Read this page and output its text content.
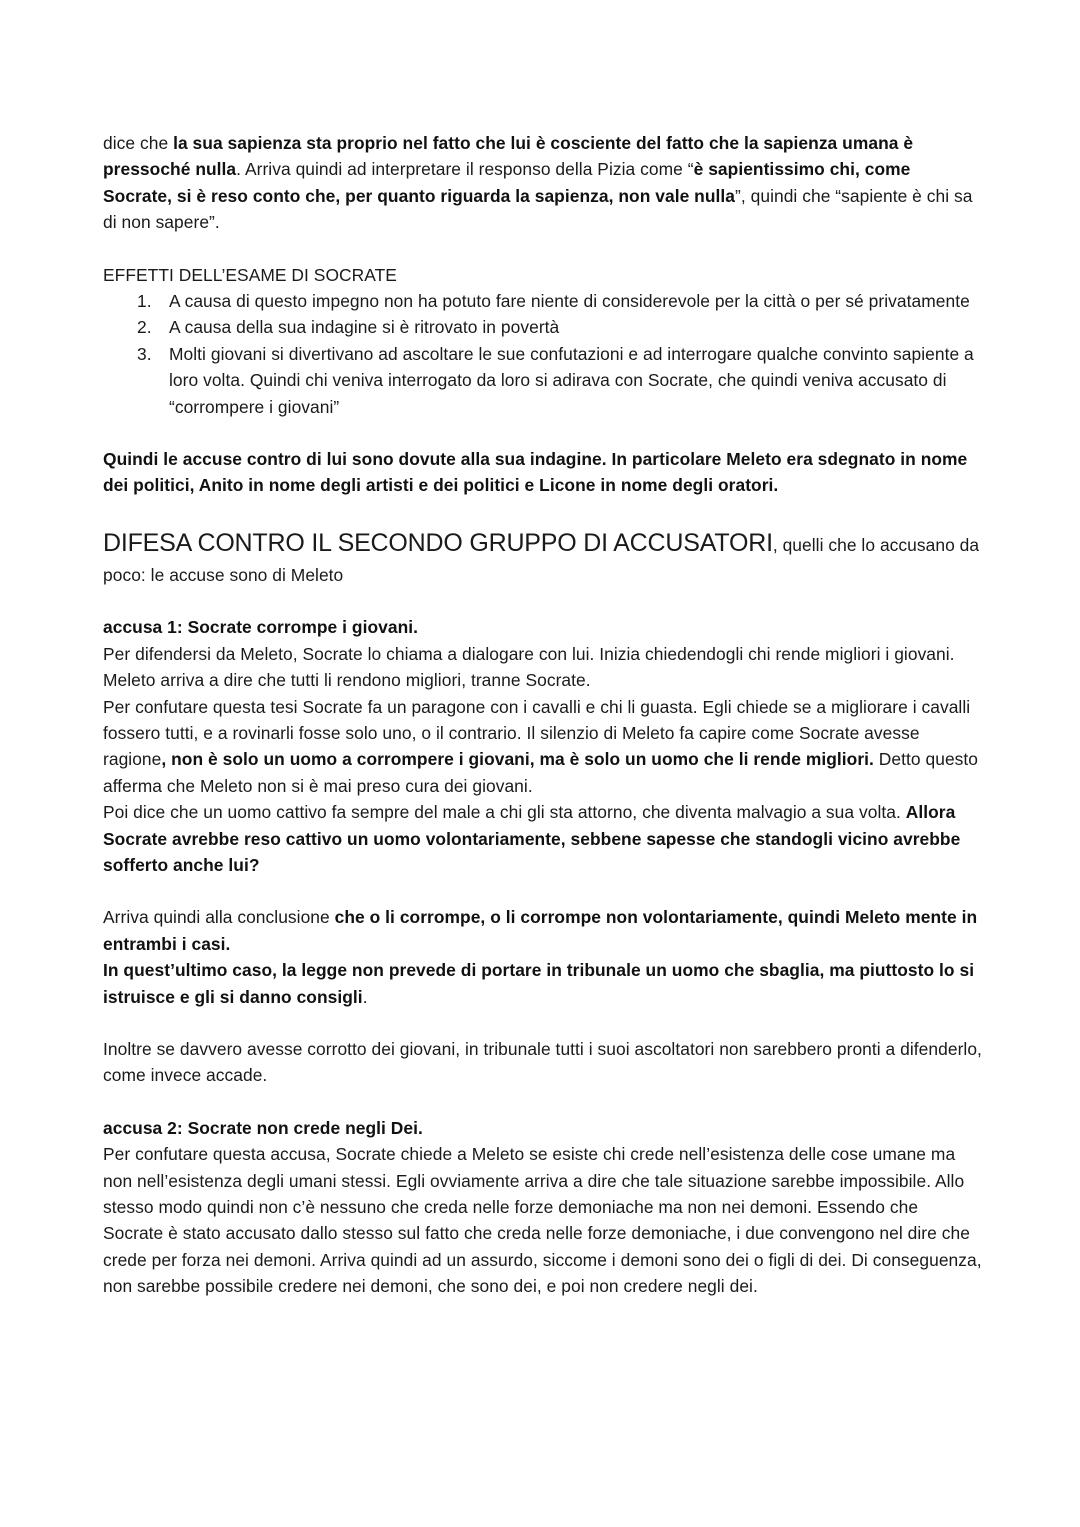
dice che la sua sapienza sta proprio nel fatto che lui è cosciente del fatto che la sapienza umana è pressoché nulla. Arriva quindi ad interpretare il responso della Pizia come “è sapientissimo chi, come Socrate, si è reso conto che, per quanto riguarda la sapienza, non vale nulla”, quindi che “sapiente è chi sa di non sapere”.

EFFETTI DELL’ESAME DI SOCRATE

1. A causa di questo impegno non ha potuto fare niente di considerevole per la città o per sé privatamente
2. A causa della sua indagine si è ritrovato in povertà
3. Molti giovani si divertivano ad ascoltare le sue confutazioni e ad interrogare qualche convinto sapiente a loro volta. Quindi chi veniva interrogato da loro si adirava con Socrate, che quindi veniva accusato di “corrompere i giovani”

Quindi le accuse contro di lui sono dovute alla sua indagine. In particolare Meleto era sdegnato in nome dei politici, Anito in nome degli artisti e dei politici e Licone in nome degli oratori.

DIFESA CONTRO IL SECONDO GRUPPO DI ACCUSATORI, quelli che lo accusano da

poco: le accuse sono di Meleto

accusa 1: Socrate corrompe i giovani.

Per difendersi da Meleto, Socrate lo chiama a dialogare con lui. Inizia chiedendogli chi rende migliori i giovani. Meleto arriva a dire che tutti li rendono migliori, tranne Socrate.

Per confutare questa tesi Socrate fa un paragone con i cavalli e chi li guasta. Egli chiede se a migliorare i cavalli fossero tutti, e a rovinarli fosse solo uno, o il contrario. Il silenzio di Meleto fa capire come Socrate avesse ragione, non è solo un uomo a corrompere i giovani, ma è solo un uomo che li rende migliori. Detto questo afferma che Meleto non si è mai preso cura dei giovani.

Poi dice che un uomo cattivo fa sempre del male a chi gli sta attorno, che diventa malvagio a sua volta. Allora Socrate avrebbe reso cattivo un uomo volontariamente, sebbene sapesse che standogli vicino avrebbe sofferto anche lui?

Arriva quindi alla conclusione che o li corrompe, o li corrompe non volontariamente, quindi Meleto mente in entrambi i casi.

In quest’ultimo caso, la legge non prevede di portare in tribunale un uomo che sbaglia, ma piuttosto lo si istruisce e gli si danno consigli.

Inoltre se davvero avesse corrotto dei giovani, in tribunale tutti i suoi ascoltatori non sarebbero pronti a difenderlo, come invece accade.

accusa 2: Socrate non crede negli Dei.

Per confutare questa accusa, Socrate chiede a Meleto se esiste chi crede nell’esistenza delle cose umane ma non nell’esistenza degli umani stessi. Egli ovviamente arriva a dire che tale situazione sarebbe impossibile. Allo stesso modo quindi non c’è nessuno che creda nelle forze demoniache ma non nei demoni. Essendo che Socrate è stato accusato dallo stesso sul fatto che creda nelle forze demoniache, i due convengono nel dire che crede per forza nei demoni. Arriva quindi ad un assurdo, siccome i demoni sono dei o figli di dei. Di conseguenza, non sarebbe possibile credere nei demoni, che sono dei, e poi non credere negli dei.
